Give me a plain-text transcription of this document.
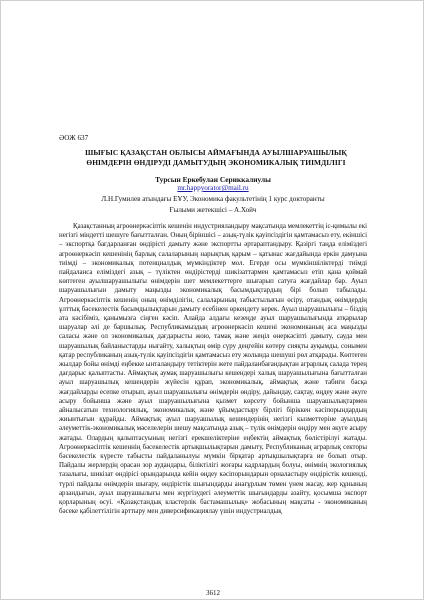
ӘОЖ 637
ШЫҒЫС ҚАЗАҚСТАН ОБЛЫСЫ АЙМАҒЫНДА АУЫЛШАРУАШЫЛЫҚ ӨНІМДЕРІН ӨНДІРУДІ ДАМЫТУДЫҢ ЭКОНОМИКАЛЫҚ ТИІМДІЛІГІ
Турсын Еркебулан Сериккалиулы
mr.happyorator@mail.ru
Л.Н.Гумилев атындағы ЕҰУ, Экономика факультетінің 1 курс докторанты
Ғылыми жетекшісі – А.Хойч

Қазақстанның агроөнеркәсіптік кешенін индустрияландыру мақсатында мемлекеттің іс-қимылы екі негізгі міндетті шешуге бағытталған. Оның біріншісі – азық-түлік қауіпсіздігін қамтамасыз ету, екіншісі – экспортқа бағдарланған өндірісті дамыту және экспортты әртараптандыру. Қазіргі таңда еліміздегі агроөнеркәсіп кешенінің барлық салаларының нарықтық қарым – қатынас жағдайында еркін дамуына тиімді – экономикалық потенциалдық мүмкіндіктер мол. Егерде осы мүмкіншіліктерді тиімді пайдаланса еліміздегі азық – түліктен өндірістерді шикізаттармен қамтамасыз етіп қана қоймай көптеген ауылшаруашылығы өнімдерін шет мемлекеттерге шығарып сатуға жағдайлар бар. Ауыл шаруашылығын дамыту маңызды экономикалық басымдықтардың бірі болып табылады. Агроөнеркәсіптік кешенің оның өнімділігін, салаларының табыстылығын өсіру, отандық өнімдердің ұлттық бәсекелестік басымдылықтарын дамыту есебінен өркендету керек. Ауыл шаруашылығы – біздің ата кәсібіміз, қанымызға сіңген кәсіп. Алайда алдағы кезеңде ауыл шаруашылығында атқарылар шаруалар әлі де баршылық. Республикамыздың агроөнеркәсіп кешені экономиканың аса маңызды саласы және ол экономикалық дағдарысты жою, тамақ және жеңіл өнеркәсіпті дамыту, сауда мен шаруашылық байланыстарды нығайту, халықтың өмір сүру деңгейін көтеру сияқты ауқымды, сонымен қатар республиканың азық-түлік қауіпсіздігін қамтамасыз ету жолында шешуші рөл атқарады. Көптеген жылдар бойы өнімді еңбекке ынталандыру тетіктерін жете пайдаланбағандықтан аграрлық салада терең дағдарыс қалыптасты. Аймақтық аумақ шаруашылығы кешендері халық шаруашылығына бағытталған ауыл шаруашылық кешендерін жүйесін құрап, экономикалық, аймақтық және табиғи басқа жағдайларды есепке отырып, ауыл шаруашылығы өнімдерін өндіру, дайындау, сақтау, өңдеу және әкуге асыру бойынша және ауыл шаруашылығына қызмет көрсету бойынша шаруашылықтармен айналысатын технологиялық, экономикалық және ұйымдастыру бірлігі біріккен кәсіпорындардың жиынтығын құрайды. Аймақтық ауыл шаруашылық кешендерінің негізгі кызметтеріне ауылдың әлеуметтік-экономикалық мәселелерін шешу мақсатында азық – түлік өнімдерін өндіру мен әкуге асыру жатады. Олардың қалыптасуының негізгі ерекшеліктеріне еңбектің аймақтық бөлістірілуі жатады. Агроөнеркәсіптік кешеннің бәсекелестік артықшылықтарын дамыту, Республиканың аграрлық секторы бәсекелестік күресте табысты пайдаланылуы мүмкін бірқатар артықшылықтарға ие болып отыр. Пайдалы жерлердің орасан зор аудандары, біліктілігі жоғары кадрлардың болуы, өнімнің экологиялық тазалығы, шикізат өндірісі орындарында кейін өңдеу кәсіпорындарын орналастыру өндірістік кешенді, түрлі пайдалы өнімдерін шығару, өндірістік шығындарды анағұрлым төмен үнем жасау, жер құнының арзандығын, ауыл шаруашылығы мен жүргізудегі әлеуметтік шығындарды азайту, қосымша экспорт қорларының өсуі. «Қазақстандық кластерлік бастамашылық» жобасының мақсаты - экономиканың бәсеке қабілеттілігін арттыру мен диверсификациялау үшін индустриалдық

3612
